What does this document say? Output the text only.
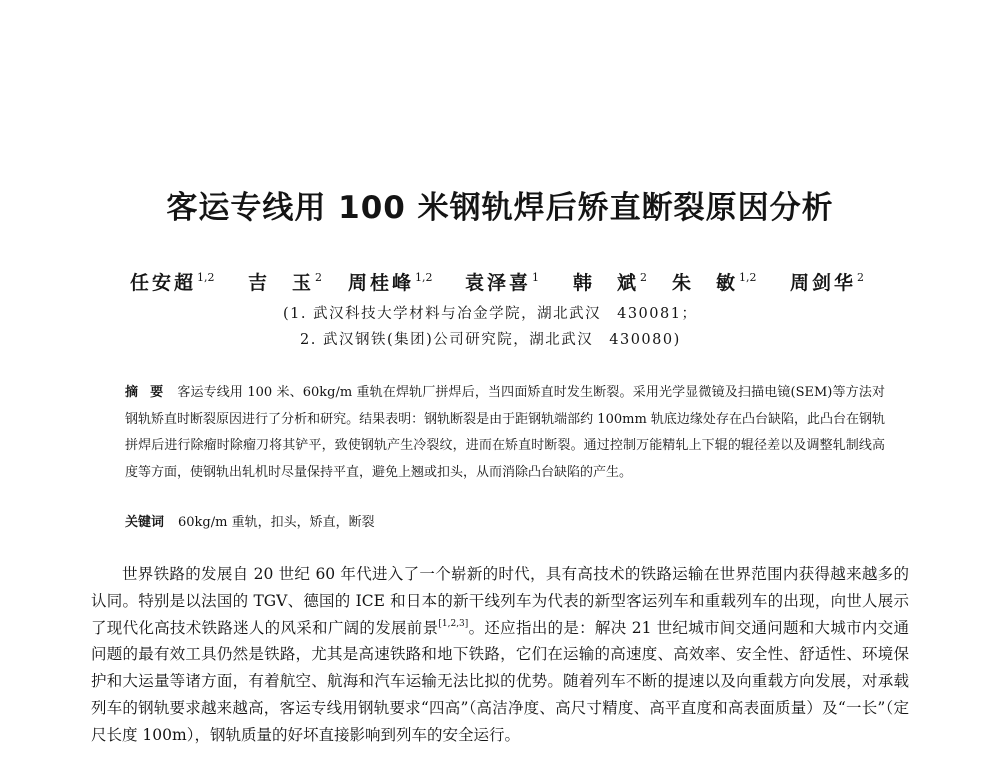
客运专线用 100 米钢轨焊后矫直断裂原因分析
任安超$^{1,2}$ 吉　玉$^2$ 周桂峰$^{1,2}$ 袁泽喜$^1$ 韩　斌$^2$ 朱　敏$^{1,2}$ 周剑华$^2$
(1. 武汉科技大学材料与冶金学院，湖北武汉　430081；
2. 武汉钢铁(集团)公司研究院，湖北武汉　430080)
摘要 客运专线用 100 米、60kg/m 重轨在焊轨厂拼焊后，当四面矫直时发生断裂。采用光学显微镜及扫描电镜(SEM)等方法对钢轨矫直时断裂原因进行了分析和研究。结果表明：钢轨断裂是由于距钢轨端部约 100mm 轨底边缘处存在凸台缺陷，此凸台在钢轨拼焊后进行除瘤时除瘤刀将其铲平，致使钢轨产生冷裂纹，进而在矫直时断裂。通过控制万能精轧上下辊的辊径差以及调整轧制线高度等方面，使钢轨出轧机时尽量保持平直，避免上翘或扣头，从而消除凸台缺陷的产生。
关键词 60kg/m 重轨，扣头，矫直，断裂
世界铁路的发展自 20 世纪 60 年代进入了一个崭新的时代，具有高技术的铁路运输在世界范围内获得越来越多的认同。特别是以法国的 TGV、德国的 ICE 和日本的新干线列车为代表的新型客运列车和重载列车的出现，向世人展示了现代化高技术铁路迷人的风采和广阔的发展前景[1,2,3]。还应指出的是：解决 21 世纪城市间交通问题和大城市内交通问题的最有效工具仍然是铁路，尤其是高速铁路和地下铁路，它们在运输的高速度、高效率、安全性、舒适性、环境保护和大运量等诸方面，有着航空、航海和汽车运输无法比拟的优势。随着列车不断的提速以及向重载方向发展，对承载列车的钢轨要求越来越高，客运专线用钢轨要求“四高”（高洁净度、高尺寸精度、高平直度和高表面质量）及“一长”（定尺长度 100m），钢轨质量的好坏直接影响到列车的安全运行。
